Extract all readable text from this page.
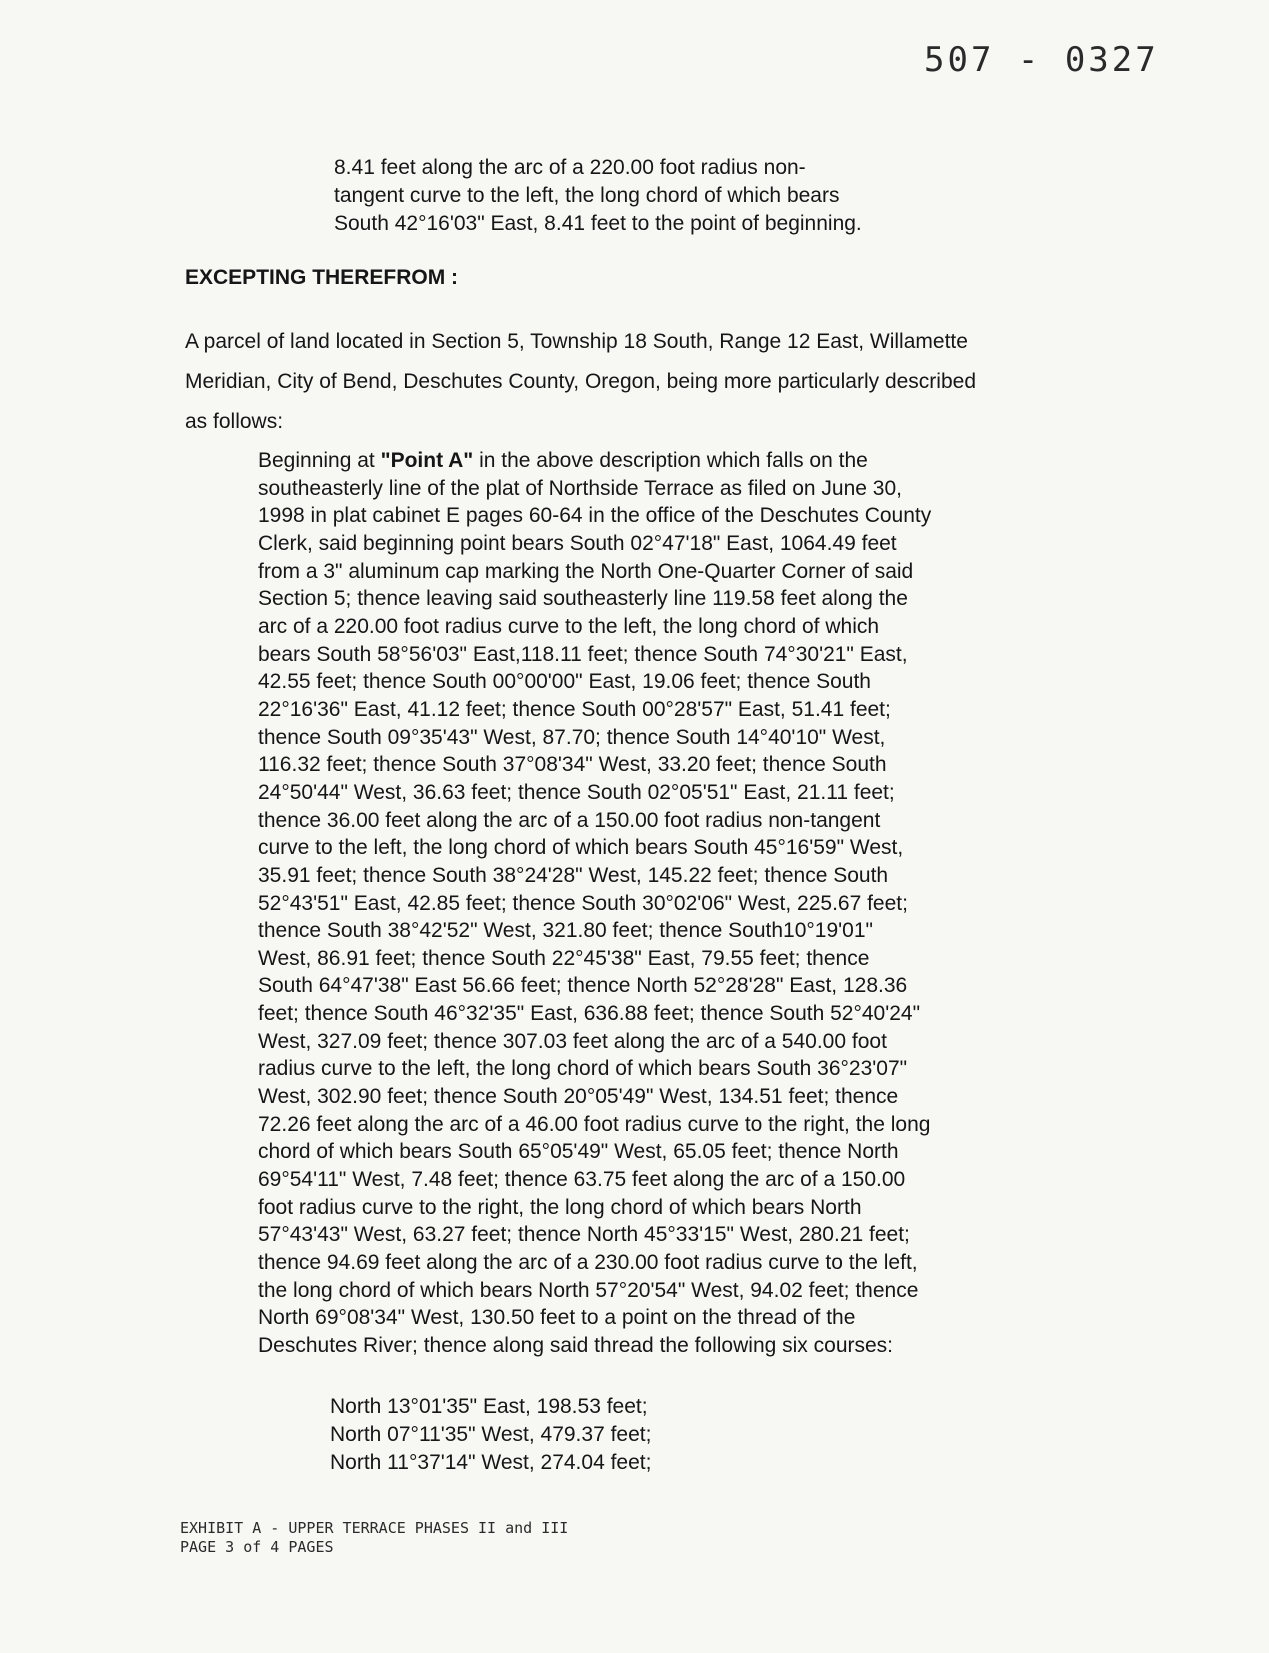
507 - 0327

8.41 feet along the arc of a 220.00 foot radius non-

tangent curve to the left, the long chord of which bears

South 42°16'03" East, 8.41 feet to the point of beginning.

EXCEPTING THEREFROM :

A parcel of land located in Section 5, Township 18 South, Range 12 East, Willamette

Meridian, City of Bend, Deschutes County, Oregon, being more particularly described

as follows:

Beginning at "Point A" in the above description which falls on the

southeasterly line of the plat of Northside Terrace as filed on June 30,

1998 in plat cabinet E pages 60-64 in the office of the Deschutes County

Clerk, said beginning point bears South 02°47'18" East, 1064.49 feet

from a 3" aluminum cap marking the North One-Quarter Corner of said

Section 5; thence leaving said southeasterly line 119.58 feet along the

arc of a 220.00 foot radius curve to the left, the long chord of which

bears South 58°56'03" East,118.11 feet; thence South 74°30'21" East,

42.55 feet; thence South 00°00'00" East, 19.06 feet; thence South

22°16'36" East, 41.12 feet; thence South 00°28'57" East, 51.41 feet;

thence South 09°35'43" West, 87.70; thence South 14°40'10" West,

116.32 feet; thence South 37°08'34" West, 33.20 feet; thence South

24°50'44" West, 36.63 feet; thence South 02°05'51" East, 21.11 feet;

thence 36.00 feet along the arc of a 150.00 foot radius non-tangent

curve to the left, the long chord of which bears South 45°16'59" West,

35.91 feet; thence South 38°24'28" West, 145.22 feet; thence South

52°43'51" East, 42.85 feet; thence South 30°02'06" West, 225.67 feet;

thence South 38°42'52" West, 321.80 feet; thence South10°19'01"

West, 86.91 feet; thence South 22°45'38" East, 79.55 feet; thence

South 64°47'38" East 56.66 feet; thence North 52°28'28" East, 128.36

feet; thence South 46°32'35" East, 636.88 feet; thence South 52°40'24"

West, 327.09 feet; thence 307.03 feet along the arc of a 540.00 foot

radius curve to the left, the long chord of which bears South 36°23'07"

West, 302.90 feet; thence South 20°05'49" West, 134.51 feet; thence

72.26 feet along the arc of a 46.00 foot radius curve to the right, the long

chord of which bears South 65°05'49" West, 65.05 feet; thence North

69°54'11" West, 7.48 feet; thence 63.75 feet along the arc of a 150.00

foot radius curve to the right, the long chord of which bears North

57°43'43" West, 63.27 feet; thence North 45°33'15" West, 280.21 feet;

thence 94.69 feet along the arc of a 230.00 foot radius curve to the left,

the long chord of which bears North 57°20'54" West, 94.02 feet; thence

North 69°08'34" West, 130.50 feet to a point on the thread of the

Deschutes River; thence along said thread the following six courses:

North 13°01'35" East, 198.53 feet;

North 07°11'35" West, 479.37 feet;

North 11°37'14" West, 274.04 feet;

EXHIBIT A - UPPER TERRACE PHASES II and III

PAGE 3 of 4 PAGES
